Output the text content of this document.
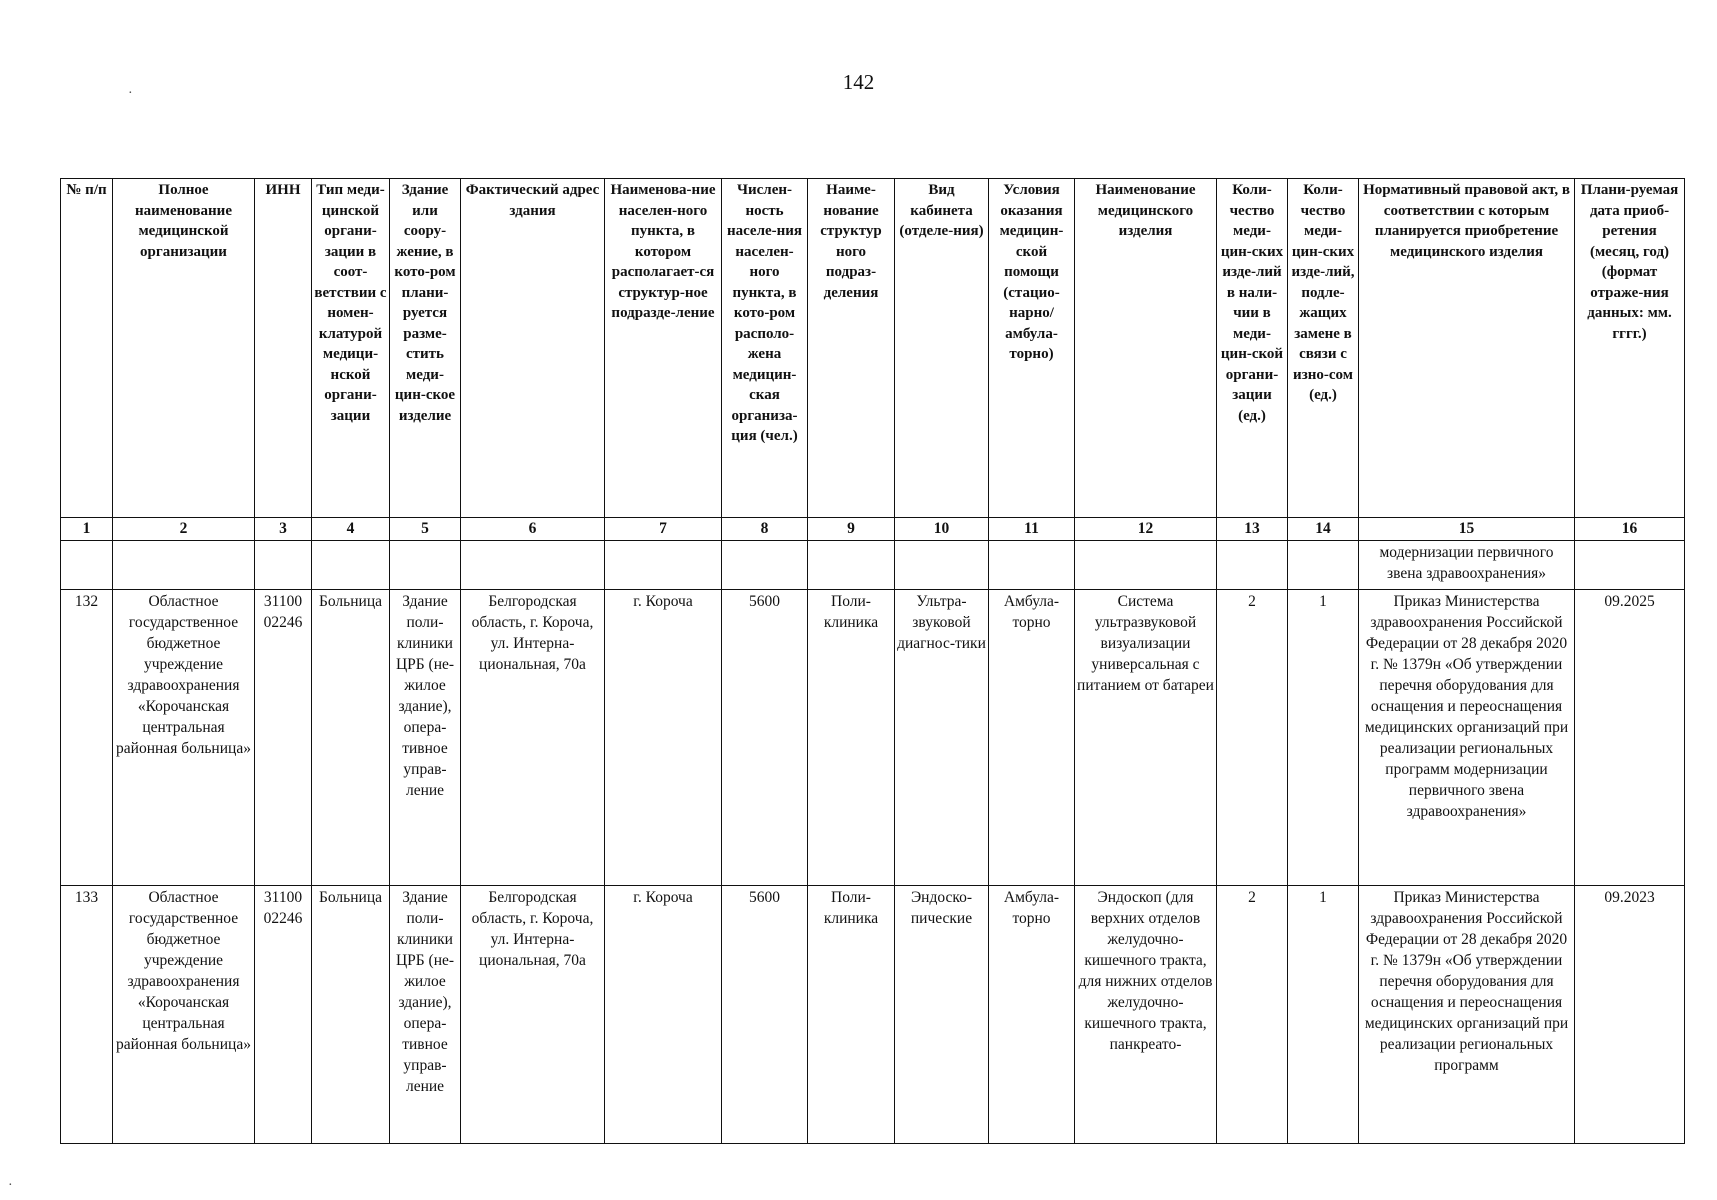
142
·
·
№ п/п	Полное наименование медицинской организации	ИНН	Тип меди-цинской органи-зации в соот-ветствии с номен-клатурой медици-нской органи-зации	Здание или соору-жение, в кото-ром плани-руется разме-стить меди-цин-ское изделие	Фактический адрес здания	Наименова-ние населен-ного пункта, в котором располагает-ся структур-ное подразде-ление	Числен-ность населе-ния населен-ного пункта, в кото-ром располо-жена медицин-ская организа-ция (чел.)	Наиме-нование структур ного подраз-деления	Вид кабинета (отделе-ния)	Условия оказания медицин-ской помощи (стацио-нарно/ амбула-торно)	Наименование медицинского изделия	Коли-чество меди-цин-ских изде-лий в нали-чии в меди-цин-ской органи-зации (ед.)	Коли-чество меди-цин-ских изде-лий, подле-жащих замене в связи с изно-сом (ед.)	Нормативный правовой акт, в соответствии с которым планируется приобретение медицинского изделия	Плани-руемая дата приоб-ретения (месяц, год) (формат отраже-ния данных: мм. гггг.)
1	2	3	4	5	6	7	8	9	10	11	12	13	14	15	16
														модернизации первичного звена здравоохранения»	
132	Областное государственное бюджетное учреждение здравоохранения «Корочанская центральная районная больница»	31100 02246	Больница	Здание поли-клиники ЦРБ (не-жилое здание), опера-тивное управ-ление	Белгородская область, г. Короча, ул. Интерна-циональная, 70а	г. Короча	5600	Поли-клиника	Ультра-звуковой диагнос-тики	Амбула-торно	Система ультразвуковой визуализации универсальная с питанием от батареи	2	1	Приказ Министерства здравоохранения Российской Федерации от 28 декабря 2020 г. № 1379н «Об утверждении перечня оборудования для оснащения и переоснащения медицинских организаций при реализации региональных программ модернизации первичного звена здравоохранения»	09.2025
133	Областное государственное бюджетное учреждение здравоохранения «Корочанская центральная районная больница»	31100 02246	Больница	Здание поли-клиники ЦРБ (не-жилое здание), опера-тивное управ-ление	Белгородская область, г. Короча, ул. Интерна-циональная, 70а	г. Короча	5600	Поли-клиника	Эндоско-пические	Амбула-торно	Эндоскоп (для верхних отделов желудочно-кишечного тракта, для нижних отделов желудочно-кишечного тракта, панкреато-	2	1	Приказ Министерства здравоохранения Российской Федерации от 28 декабря 2020 г. № 1379н «Об утверждении перечня оборудования для оснащения и переоснащения медицинских организаций при реализации региональных программ	09.2023
